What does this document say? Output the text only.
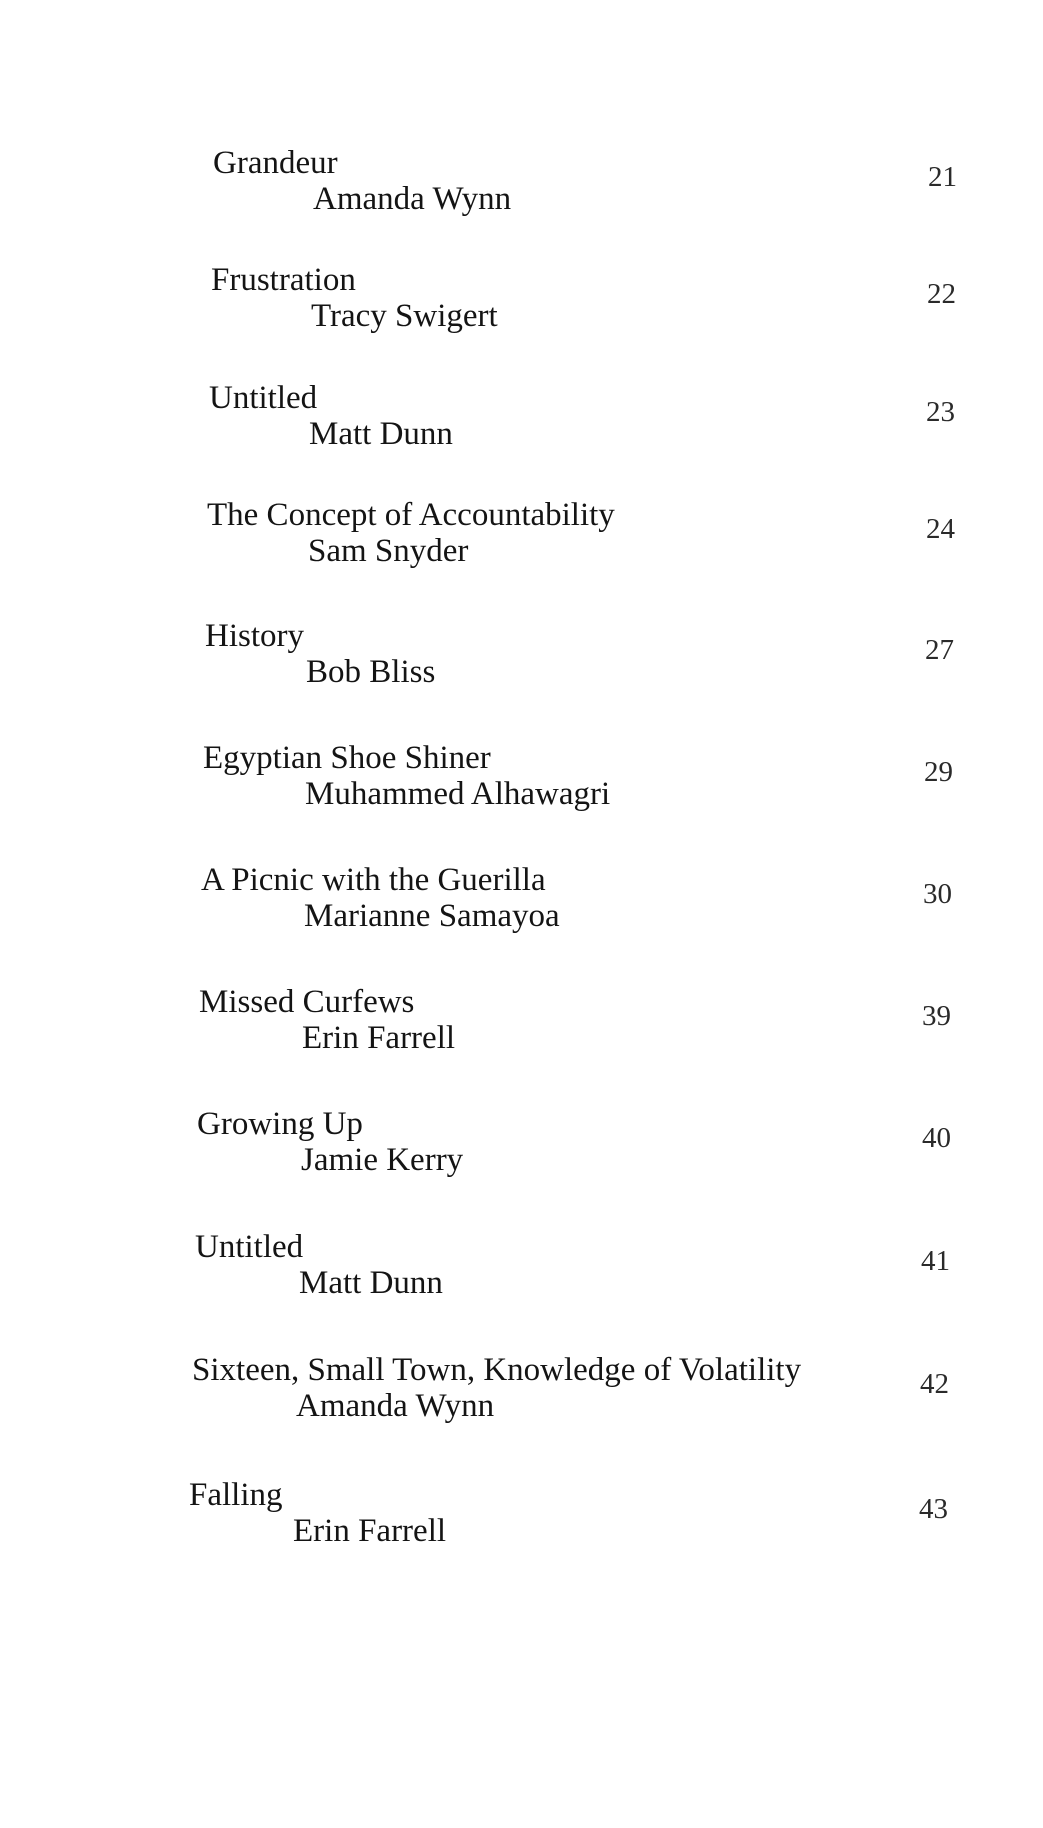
Grandeur
Amanda Wynn
21
Frustration
Tracy Swigert
22
Untitled
Matt Dunn
23
The Concept of Accountability
Sam Snyder
24
History
Bob Bliss
27
Egyptian Shoe Shiner
Muhammed Alhawagri
29
A Picnic with the Guerilla
Marianne Samayoa
30
Missed Curfews
Erin Farrell
39
Growing Up
Jamie Kerry
40
Untitled
Matt Dunn
41
Sixteen, Small Town, Knowledge of Volatility
Amanda Wynn
42
Falling
Erin Farrell
43
